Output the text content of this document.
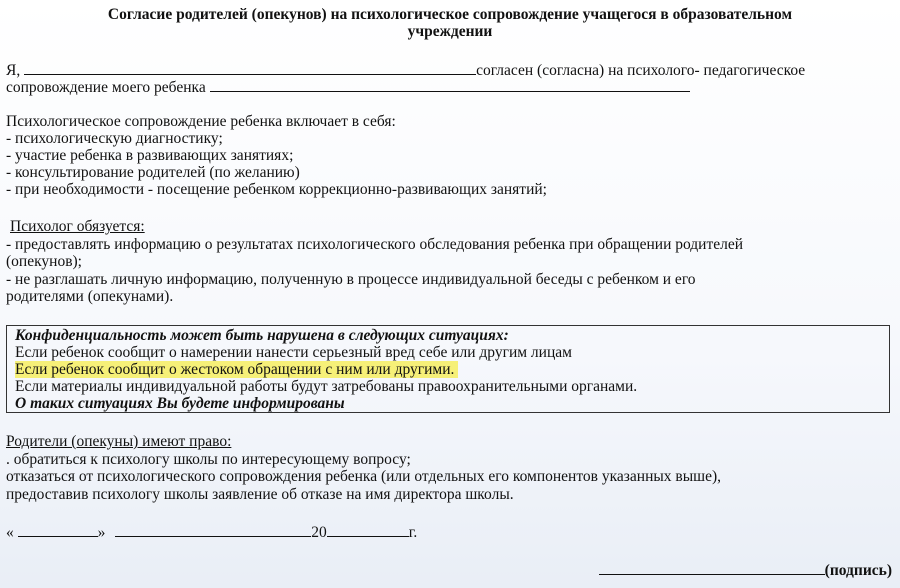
Согласие родителей (опекунов) на психологическое сопровождение учащегося в образовательном
учреждении
Я,	согласен (согласна) на психолого- педагогическое
сопровождение моего ребенка
Психологическое сопровождение ребенка включает в себя:
- психологическую диагностику;
- участие ребенка в развивающих занятиях;
- консультирование родителей (по желанию)
- при необходимости - посещение ребенком коррекционно-развивающих занятий;
Психолог обязуется:
- предоставлять информацию о результатах психологического обследования ребенка при обращении родителей
(опекунов);
- не разглашать личную информацию, полученную в процессе индивидуальной беседы с ребенком и его
родителями (опекунами).
Конфиденциальность может быть нарушена в следующих ситуациях:
Если ребенок сообщит о намерении нанести серьезный вред себе или другим лицам
Если ребенок сообщит о жестоком обращении с ним или другими.
Если материалы индивидуальной работы будут затребованы правоохранительными органами.
О таких ситуациях Вы будете информированы
Родители (опекуны) имеют право:
. обратиться к психологу школы по интересующему вопросу;
отказаться от психологического сопровождения ребенка (или отдельных его компонентов указанных выше),
предоставив психологу школы заявление об отказе на имя директора школы.
«	»	20	г.
(подпись)
